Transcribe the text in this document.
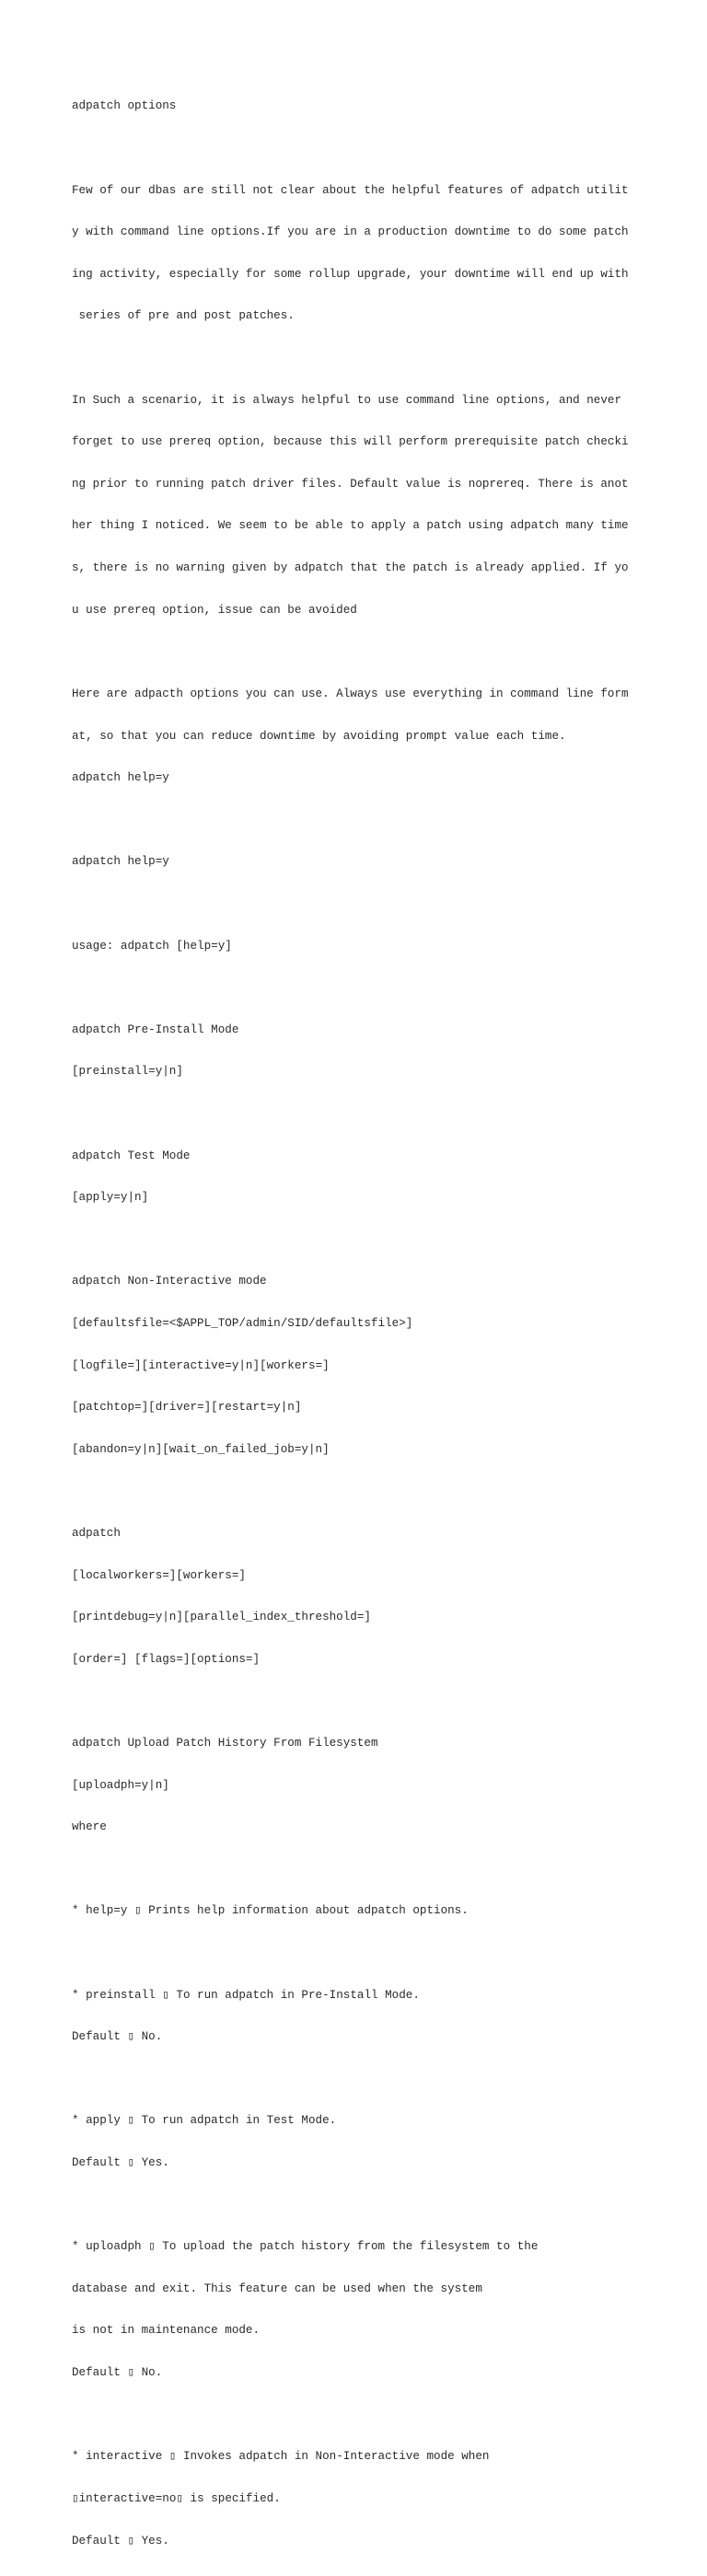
adpatch options

Few of our dbas are still not clear about the helpful features of adpatch utilit

y with command line options.If you are in a production downtime to do some patch

ing activity, especially for some rollup upgrade, your downtime will end up with

series of pre and post patches.

In Such a scenario, it is always helpful to use command line options, and never

forget to use prereq option, because this will perform prerequisite patch checki

ng prior to running patch driver files. Default value is noprereq. There is anot

her thing I noticed. We seem to be able to apply a patch using adpatch many time

s, there is no warning given by adpatch that the patch is already applied. If yo

u use prereq option, issue can be avoided

Here are adpacth options you can use. Always use everything in command line form

at, so that you can reduce downtime by avoiding prompt value each time.

adpatch help=y

adpatch help=y

usage: adpatch [help=y]

adpatch Pre-Install Mode

[preinstall=y|n]

adpatch Test Mode

[apply=y|n]

adpatch Non-Interactive mode

[defaultsfile=<$APPL_TOP/admin/SID/defaultsfile>]

[logfile=][interactive=y|n][workers=]

[patchtop=][driver=][restart=y|n]

[abandon=y|n][wait_on_failed_job=y|n]

adpatch

[localworkers=][workers=]

[printdebug=y|n][parallel_index_threshold=]

[order=] [flags=][options=]

adpatch Upload Patch History From Filesystem

[uploadph=y|n]

where

* help=y ▯ Prints help information about adpatch options.

* preinstall ▯ To run adpatch in Pre-Install Mode.

Default ▯ No.

* apply ▯ To run adpatch in Test Mode.

Default ▯ Yes.

* uploadph ▯ To upload the patch history from the filesystem to the

database and exit. This feature can be used when the system

is not in maintenance mode.

Default ▯ No.

* interactive ▯ Invokes adpatch in Non-Interactive mode when

▯interactive=no▯ is specified.

Default ▯ Yes.
